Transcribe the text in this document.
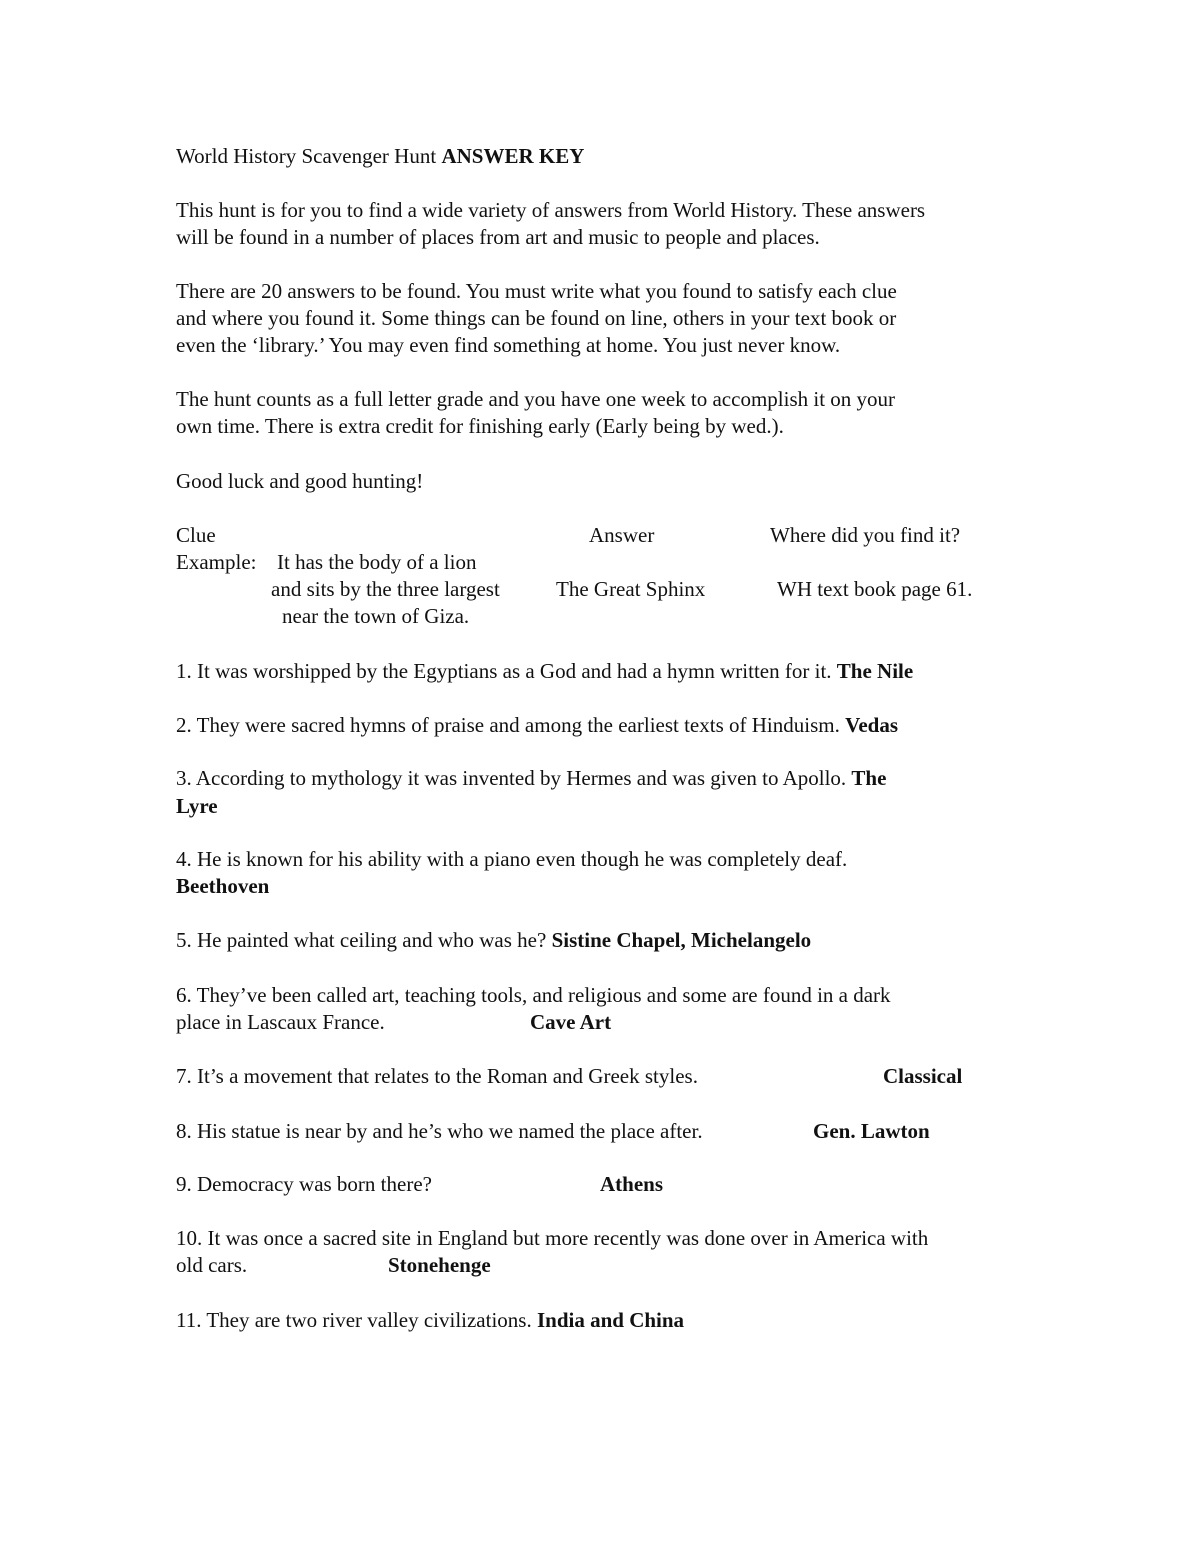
World History Scavenger Hunt ANSWER KEY
This hunt is for you to find a wide variety of answers from World History. These answers
will be found in a number of places from art and music to people and places.
There are 20 answers to be found. You must write what you found to satisfy each clue
and where you found it. Some things can be found on line, others in your text book or
even the ‘library.’ You may even find something at home. You just never know.
The hunt counts as a full letter grade and you have one week to accomplish it on your
own time. There is extra credit for finishing early (Early being by wed.).
Good luck and good hunting!
Clue	Answer	Where did you find it?
Example: It has the body of a lion
and sits by the three largest
near the town of Giza.
The Great Sphinx	WH text book page 61.
1. It was worshipped by the Egyptians as a God and had a hymn written for it. The Nile
2. They were sacred hymns of praise and among the earliest texts of Hinduism. Vedas
3. According to mythology it was invented by Hermes and was given to Apollo. The
Lyre
4. He is known for his ability with a piano even though he was completely deaf.
Beethoven
5. He painted what ceiling and who was he? Sistine Chapel, Michelangelo
6. They’ve been called art, teaching tools, and religious and some are found in a dark
place in Lascaux France.	Cave Art
7. It’s a movement that relates to the Roman and Greek styles.	Classical
8. His statue is near by and he’s who we named the place after.	Gen. Lawton
9. Democracy was born there?	Athens
10. It was once a sacred site in England but more recently was done over in America with
old cars.	Stonehenge
11. They are two river valley civilizations. India and China
